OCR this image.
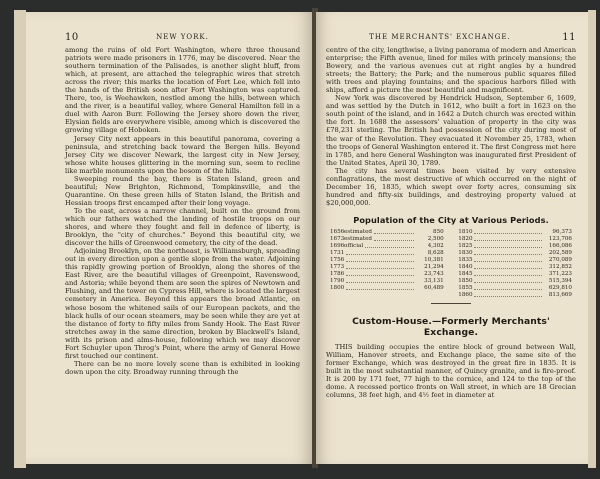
10	NEW YORK.

among the ruins of old Fort Washington, where three thousand patriots were made prisoners in 1776, may be discovered. Near the southern termination of the Palisades, is another slight bluff, from which, at present, are attached the telegraphic wires that stretch across the river; this marks the location of Fort Lee, which fell into the hands of the British soon after Fort Washington was captured. There, too, is Weehawken, nestled among the hills, between which and the river, is a beautiful valley, where General Hamilton fell in a duel with Aaron Burr. Following the Jersey shore down the river, Elysian fields are everywhere visible, among which is discovered the growing village of Hoboken.

Jersey City next appears in this beautiful panorama, covering a peninsula, and stretching back toward the Bergen hills. Beyond Jersey City we discover Newark, the largest city in New Jersey, whose white houses glittering in the morning sun, seem to recline like marble monuments upon the bosom of the hills.

Sweeping round the bay, there is Staten Island, green and beautiful; New Brighton, Richmond, Tompkinsville, and the Quarantine. On these green hills of Staten Island, the British and Hessian troops first encamped after their long voyage.

To the east, across a narrow channel, built on the ground from which our fathers watched the landing of hostile troops on our shores, and where they fought and fell in defence of liberty, is Brooklyn, the "city of churches." Beyond this beautiful city, we discover the hills of Greenwood cemetery, the city of the dead.

Adjoining Brooklyn, on the northeast, is Williamsburgh, spreading out in every direction upon a gentle slope from the water. Adjoining this rapidly growing portion of Brooklyn, along the shores of the East River, are the beautiful villages of Greenpoint, Ravenswood, and Astoria; while beyond them are seen the spires of Newtown and Flushing, and the tower on Cypress Hill, where is located the largest cemetery in America. Beyond this appears the broad Atlantic, on whose bosom the whitened sails of our European packets, and the black hulls of our ocean steamers, may be seen while they are yet at the distance of forty to fifty miles from Sandy Hook. The East River stretches away in the same direction, broken by Blackwell's Island, with its prison and alms-house, following which we may discover Fort Schuyler upon Throg's Point, where the army of General Howe first touched our continent.

There can be no more lovely scene than is exhibited in looking down upon the city. Broadway running through the

THE MERCHANTS' EXCHANGE.	11

centre of the city, lengthwise, a living panorama of modern and American enterprise; the Fifth avenue, lined for miles with princely mansions; the Bowery, and the various avenues cut at right angles by a hundred streets; the Battery; the Park; and the numerous public squares filled with trees and playing fountains; and the spacious harbors filled with ships, afford a picture the most beautiful and magnificent.

New York was discovered by Hendrick Hudson, September 6, 1609, and was settled by the Dutch in 1612, who built a fort in 1623 on the south point of the island, and in 1642 a Dutch church was erected within the fort. In 1688 the assessors' valuation of property in the city was £78,231 sterling. The British had possession of the city during most of the war of the Revolution. They evacuated it November 25, 1783, when the troops of General Washington entered it. The first Congress met here in 1785, and here General Washington was inaugurated first President of the United States, April 30, 1789.

The city has several times been visited by very extensive conflagrations, the most destructive of which occurred on the night of December 16, 1835, which swept over forty acres, consuming six hundred and fifty-six buildings, and destroying property valued at $20,000,000.

Population of the City at Various Periods.
1656 estimated	850
1673 estimated	2,500
1696 official	4,302
1731	8,628
1756	10,381
1773	21,294
1786	23,743
1790	33,131
1800	60,489
1810	96,373
1820	123,706
1825	166,086
1830	202,589
1835	270,089
1840	312,852
1845	371,223
1850	515,394
1855	629,810
1860	813,669
Custom-House.—Formerly Merchants' Exchange.

THIS building occupies the entire block of ground between Wall, William, Hanover streets, and Exchange place, the same site of the former Exchange, which was destroyed in the great fire in 1835. It is built in the most substantial manner, of Quincy granite, and is fire-proof. It is 200 by 171 feet, 77 high to the cornice, and 124 to the top of the dome. A recessed portico fronts on Wall street, in which are 18 Grecian columns, 38 feet high, and 4½ feet in diameter at
